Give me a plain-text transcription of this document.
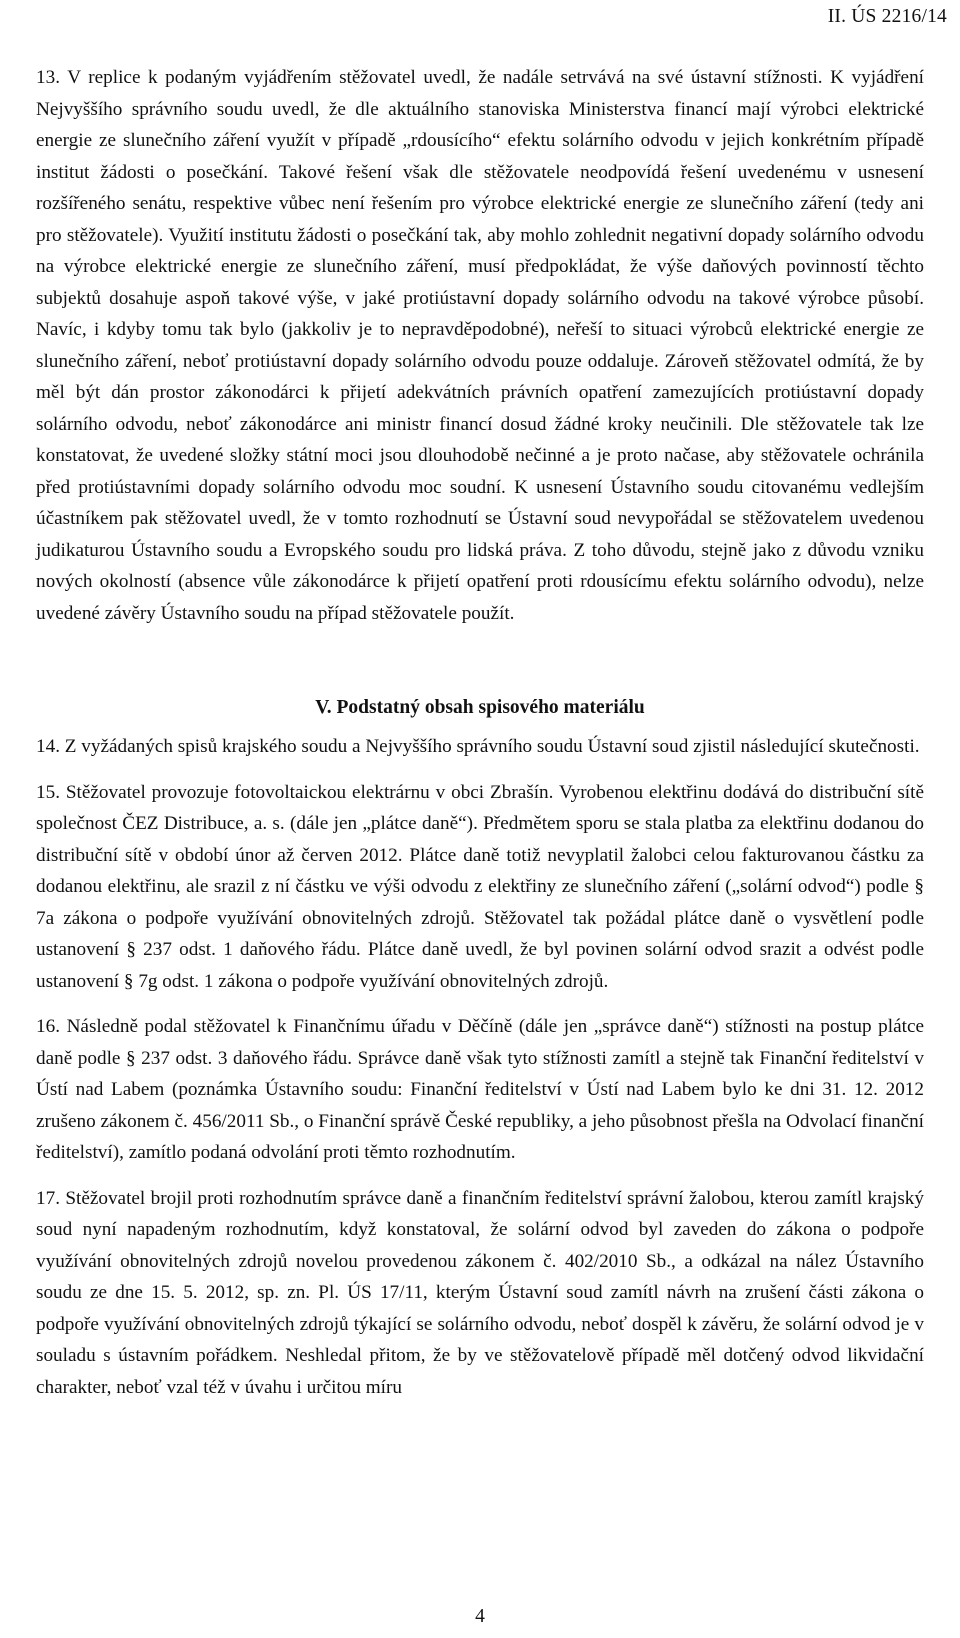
II. ÚS 2216/14

13. V replice k podaným vyjádřením stěžovatel uvedl, že nadále setrvává na své ústavní stížnosti. K vyjádření Nejvyššího správního soudu uvedl, že dle aktuálního stanoviska Ministerstva financí mají výrobci elektrické energie ze slunečního záření využít v případě „rdousícího“ efektu solárního odvodu v jejich konkrétním případě institut žádosti o posečkání. Takové řešení však dle stěžovatele neodpovídá řešení uvedenému v usnesení rozšířeného senátu, respektive vůbec není řešením pro výrobce elektrické energie ze slunečního záření (tedy ani pro stěžovatele). Využití institutu žádosti o posečkání tak, aby mohlo zohlednit negativní dopady solárního odvodu na výrobce elektrické energie ze slunečního záření, musí předpokládat, že výše daňových povinností těchto subjektů dosahuje aspoň takové výše, v jaké protiústavní dopady solárního odvodu na takové výrobce působí. Navíc, i kdyby tomu tak bylo (jakkoliv je to nepravděpodobné), neřeší to situaci výrobců elektrické energie ze slunečního záření, neboť protiústavní dopady solárního odvodu pouze oddaluje. Zároveň stěžovatel odmítá, že by měl být dán prostor zákonodárci k přijetí adekvátních právních opatření zamezujících protiústavní dopady solárního odvodu, neboť zákonodárce ani ministr financí dosud žádné kroky neučinili. Dle stěžovatele tak lze konstatovat, že uvedené složky státní moci jsou dlouhodobě nečinné a je proto načase, aby stěžovatele ochránila před protiústavními dopady solárního odvodu moc soudní. K usnesení Ústavního soudu citovanému vedlejším účastníkem pak stěžovatel uvedl, že v tomto rozhodnutí se Ústavní soud nevypořádal se stěžovatelem uvedenou judikaturou Ústavního soudu a Evropského soudu pro lidská práva. Z toho důvodu, stejně jako z důvodu vzniku nových okolností (absence vůle zákonodárce k přijetí opatření proti rdousícímu efektu solárního odvodu), nelze uvedené závěry Ústavního soudu na případ stěžovatele použít.

V. Podstatný obsah spisového materiálu

14. Z vyžádaných spisů krajského soudu a Nejvyššího správního soudu Ústavní soud zjistil následující skutečnosti.

15. Stěžovatel provozuje fotovoltaickou elektrárnu v obci Zbrašín. Vyrobenou elektřinu dodává do distribuční sítě společnost ČEZ Distribuce, a. s. (dále jen „plátce daně“). Předmětem sporu se stala platba za elektřinu dodanou do distribuční sítě v období únor až červen 2012. Plátce daně totiž nevyplatil žalobci celou fakturovanou částku za dodanou elektřinu, ale srazil z ní částku ve výši odvodu z elektřiny ze slunečního záření („solární odvod“) podle § 7a zákona o podpoře využívání obnovitelných zdrojů. Stěžovatel tak požádal plátce daně o vysvětlení podle ustanovení § 237 odst. 1 daňového řádu. Plátce daně uvedl, že byl povinen solární odvod srazit a odvést podle ustanovení § 7g odst. 1 zákona o podpoře využívání obnovitelných zdrojů.

16. Následně podal stěžovatel k Finančnímu úřadu v Děčíně (dále jen „správce daně“) stížnosti na postup plátce daně podle § 237 odst. 3 daňového řádu. Správce daně však tyto stížnosti zamítl a stejně tak Finanční ředitelství v Ústí nad Labem (poznámka Ústavního soudu: Finanční ředitelství v Ústí nad Labem bylo ke dni 31. 12. 2012 zrušeno zákonem č. 456/2011 Sb., o Finanční správě České republiky, a jeho působnost přešla na Odvolací finanční ředitelství), zamítlo podaná odvolání proti těmto rozhodnutím.

17. Stěžovatel brojil proti rozhodnutím správce daně a finančním ředitelství správní žalobou, kterou zamítl krajský soud nyní napadeným rozhodnutím, když konstatoval, že solární odvod byl zaveden do zákona o podpoře využívání obnovitelných zdrojů novelou provedenou zákonem č. 402/2010 Sb., a odkázal na nález Ústavního soudu ze dne 15. 5. 2012, sp. zn. Pl. ÚS 17/11, kterým Ústavní soud zamítl návrh na zrušení části zákona o podpoře využívání obnovitelných zdrojů týkající se solárního odvodu, neboť dospěl k závěru, že solární odvod je v souladu s ústavním pořádkem. Neshledal přitom, že by ve stěžovatelově případě měl dotčený odvod likvidační charakter, neboť vzal též v úvahu i určitou míru

4
